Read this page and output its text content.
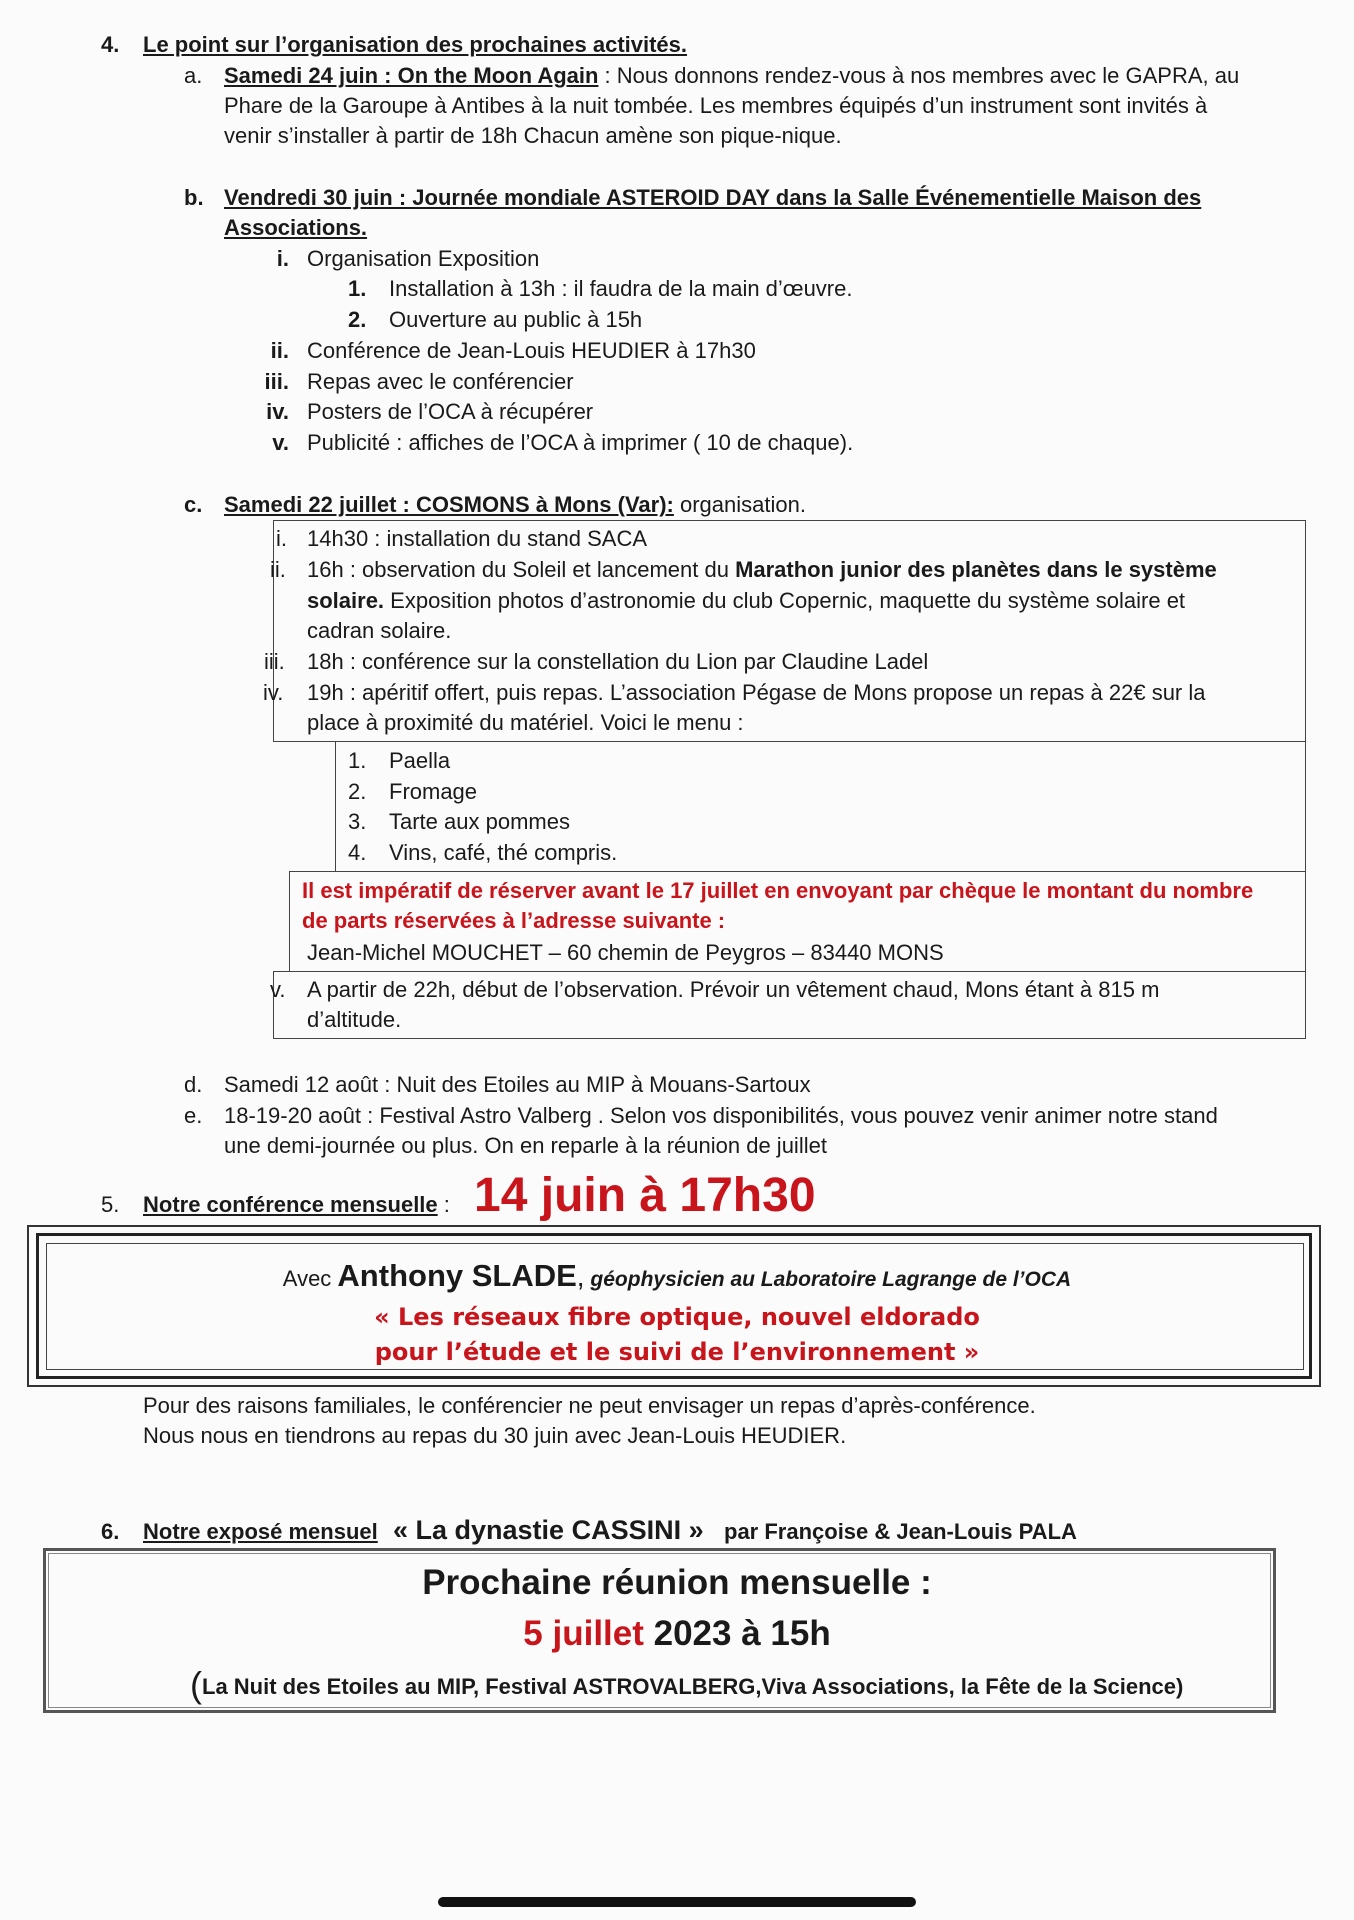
4. Le point sur l’organisation des prochaines activités.
a. Samedi 24 juin : On the Moon Again : Nous donnons rendez-vous à nos membres avec le GAPRA, au
Phare de la Garoupe à Antibes à la nuit tombée. Les membres équipés d’un instrument sont invités à
venir s’installer à partir de 18h Chacun amène son pique-nique.
b. Vendredi 30 juin : Journée mondiale ASTEROID DAY dans la Salle Événementielle Maison des
Associations.
i. Organisation Exposition
1. Installation à 13h : il faudra de la main d’œuvre.
2. Ouverture au public à 15h
ii. Conférence de Jean-Louis HEUDIER à 17h30
iii. Repas avec le conférencier
iv. Posters de l’OCA à récupérer
v. Publicité : affiches de l’OCA à imprimer ( 10 de chaque).
c. Samedi 22 juillet : COSMONS à Mons (Var): organisation.
i. 14h30 : installation du stand SACA
ii. 16h : observation du Soleil et lancement du Marathon junior des planètes dans le système
solaire. Exposition photos d’astronomie du club Copernic, maquette du système solaire et
cadran solaire.
iii. 18h : conférence sur la constellation du Lion par Claudine Ladel
iv. 19h : apéritif offert, puis repas. L’association Pégase de Mons propose un repas à 22€ sur la
place à proximité du matériel. Voici le menu :
1. Paella
2. Fromage
3. Tarte aux pommes
4. Vins, café, thé compris.
Il est impératif de réserver avant le 17 juillet en envoyant par chèque le montant du nombre
de parts réservées à l’adresse suivante :
Jean-Michel MOUCHET – 60 chemin de Peygros – 83440 MONS
v. A partir de 22h, début de l’observation. Prévoir un vêtement chaud, Mons étant à 815 m
d’altitude.
d. Samedi 12 août : Nuit des Etoiles au MIP à Mouans-Sartoux
e. 18-19-20 août : Festival Astro Valberg . Selon vos disponibilités, vous pouvez venir animer notre stand
une demi-journée ou plus. On en reparle à la réunion de juillet
5. Notre conférence mensuelle : 14 juin à 17h30
Avec Anthony SLADE, géophysicien au Laboratoire Lagrange de l’OCA
« Les réseaux fibre optique, nouvel eldorado
pour l’étude et le suivi de l’environnement »
Pour des raisons familiales, le conférencier ne peut envisager un repas d’après-conférence.
Nous nous en tiendrons au repas du 30 juin avec Jean-Louis HEUDIER.
6. Notre exposé mensuel « La dynastie CASSINI » par Françoise & Jean-Louis PALA
Prochaine réunion mensuelle :
5 juillet 2023 à 15h
(La Nuit des Etoiles au MIP, Festival ASTROVALBERG,Viva Associations, la Fête de la Science)
